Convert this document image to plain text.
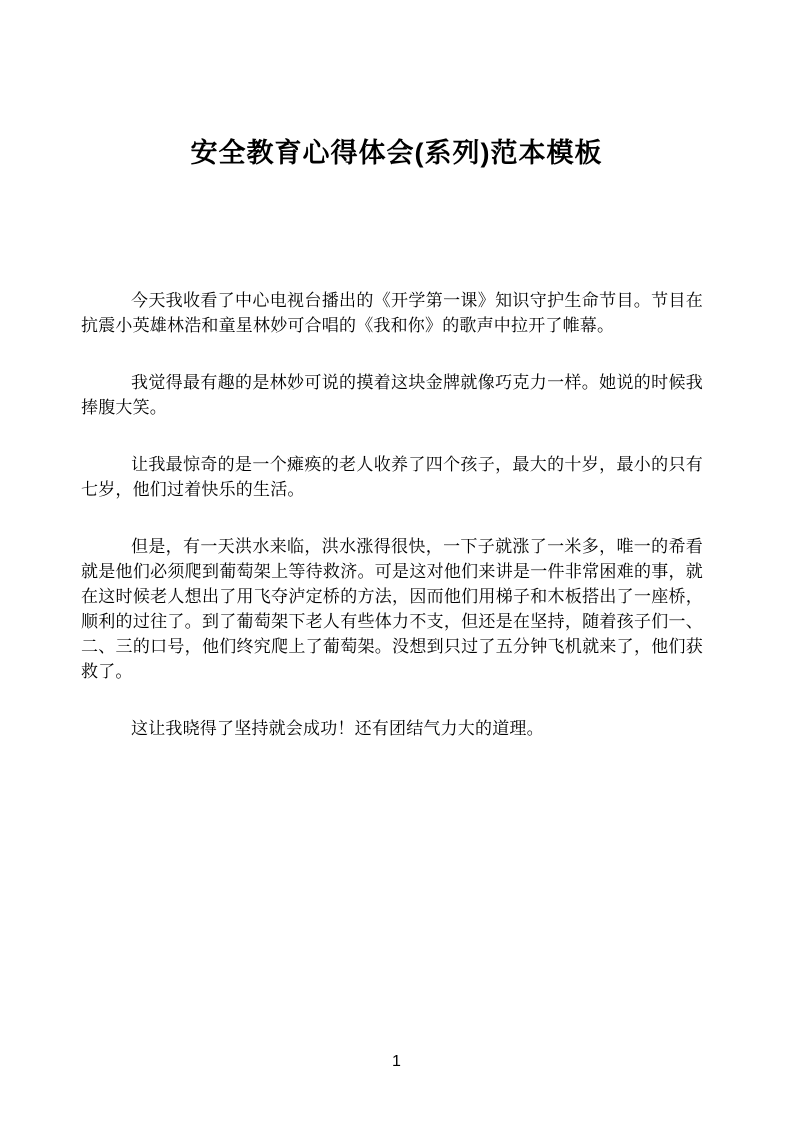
安全教育心得体会(系列)范本模板

今天我收看了中心电视台播出的《开学第一课》知识守护生命节目。节目在抗震小英雄林浩和童星林妙可合唱的《我和你》的歌声中拉开了帷幕。

我觉得最有趣的是林妙可说的摸着这块金牌就像巧克力一样。她说的时候我捧腹大笑。

让我最惊奇的是一个瘫痪的老人收养了四个孩子，最大的十岁，最小的只有七岁，他们过着快乐的生活。

但是，有一天洪水来临，洪水涨得很快，一下子就涨了一米多，唯一的希看就是他们必须爬到葡萄架上等待救济。可是这对他们来讲是一件非常困难的事，就在这时候老人想出了用飞夺泸定桥的方法，因而他们用梯子和木板搭出了一座桥，顺利的过往了。到了葡萄架下老人有些体力不支，但还是在坚持，随着孩子们一、二、三的口号，他们终究爬上了葡萄架。没想到只过了五分钟飞机就来了，他们获救了。

这让我晓得了坚持就会成功！还有团结气力大的道理。

1
